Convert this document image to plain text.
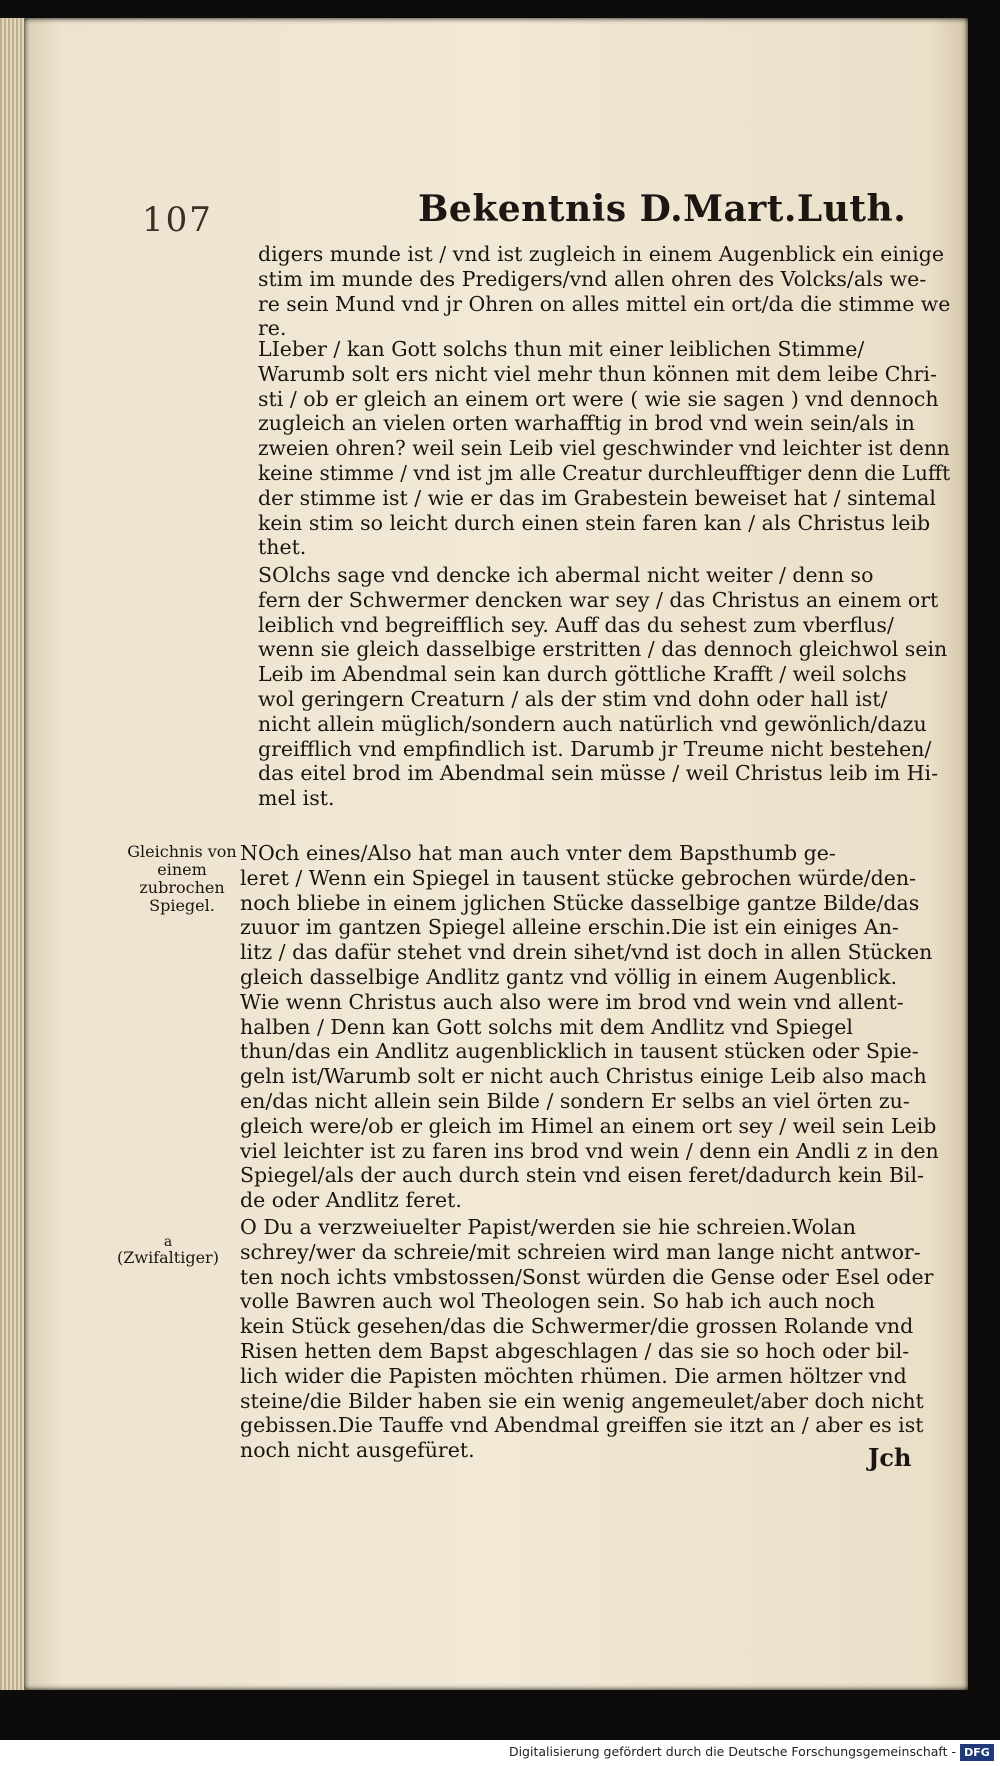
107	Bekentnis D.Mart.Luth.
digers munde ist / vnd ist zugleich in einem Augenblick ein einige
stim im munde des Predigers/vnd allen ohren des Volcks/als we-
re sein Mund vnd jr Ohren on alles mittel ein ort/da die stimme we
re.
LIeber / kan Gott solchs thun mit einer leiblichen Stimme/
Warumb solt ers nicht viel mehr thun können mit dem leibe Chri-
sti / ob er gleich an einem ort were ( wie sie sagen ) vnd dennoch
zugleich an vielen orten warhafftig in brod vnd wein sein/als in
zweien ohren? weil sein Leib viel geschwinder vnd leichter ist denn
keine stimme / vnd ist jm alle Creatur durchleufftiger denn die Lufft
der stimme ist / wie er das im Grabestein beweiset hat / sintemal
kein stim so leicht durch einen stein faren kan / als Christus leib
thet.
SOlchs sage vnd dencke ich abermal nicht weiter / denn so
fern der Schwermer dencken war sey / das Christus an einem ort
leiblich vnd begreifflich sey. Auff das du sehest zum vberflus/
wenn sie gleich dasselbige erstritten / das dennoch gleichwol sein
Leib im Abendmal sein kan durch göttliche Krafft / weil solchs
wol geringern Creaturn / als der stim vnd dohn oder hall ist/
nicht allein müglich/sondern auch natürlich vnd gewönlich/dazu
greifflich vnd empfindlich ist. Darumb jr Treume nicht bestehen/
das eitel brod im Abendmal sein müsse / weil Christus leib im Hi-
mel ist.
Gleichnis von
einem zubrochen
Spiegel.
NOch eines/Also hat man auch vnter dem Bapsthumb ge-
leret / Wenn ein Spiegel in tausent stücke gebrochen würde/den-
noch bliebe in einem jglichen Stücke dasselbige gantze Bilde/das
zuuor im gantzen Spiegel alleine erschin.Die ist ein einiges An-
litz / das dafür stehet vnd drein sihet/vnd ist doch in allen Stücken
gleich dasselbige Andlitz gantz vnd völlig in einem Augenblick.
Wie wenn Christus auch also were im brod vnd wein vnd allent-
halben / Denn kan Gott solchs mit dem Andlitz vnd Spiegel
thun/das ein Andlitz augenblicklich in tausent stücken oder Spie-
geln ist/Warumb solt er nicht auch Christus einige Leib also mach
en/das nicht allein sein Bilde / sondern Er selbs an viel örten zu-
gleich were/ob er gleich im Himel an einem ort sey / weil sein Leib
viel leichter ist zu faren ins brod vnd wein / denn ein Andli z in den
Spiegel/als der auch durch stein vnd eisen feret/dadurch kein Bil-
de oder Andlitz feret.
a
(Zwifaltiger)
O Du a verzweiuelter Papist/werden sie hie schreien.Wolan
schrey/wer da schreie/mit schreien wird man lange nicht antwor-
ten noch ichts vmbstossen/Sonst würden die Gense oder Esel oder
volle Bawren auch wol Theologen sein. So hab ich auch noch
kein Stück gesehen/das die Schwermer/die grossen Rolande vnd
Risen hetten dem Bapst abgeschlagen / das sie so hoch oder bil-
lich wider die Papisten möchten rhümen. Die armen höltzer vnd
steine/die Bilder haben sie ein wenig angemeulet/aber doch nicht
gebissen.Die Tauffe vnd Abendmal greiffen sie itzt an / aber es ist
noch nicht ausgefüret.	Jch
Digitalisierung gefördert durch die Deutsche Forschungsgemeinschaft - DFG
